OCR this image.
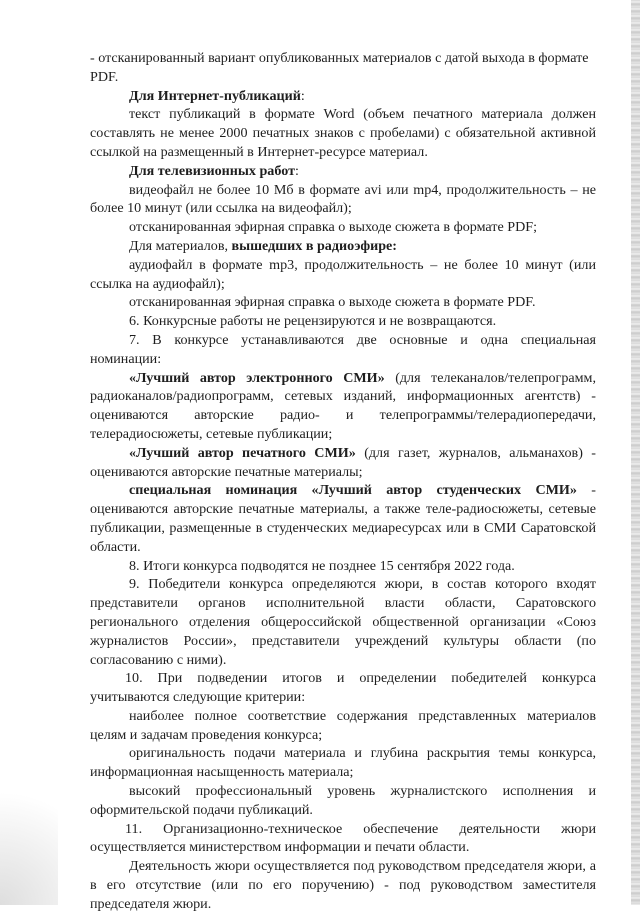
- отсканированный вариант опубликованных материалов с датой выхода в формате PDF.

Для Интернет-публикаций:

текст публикаций в формате Word (объем печатного материала должен составлять не менее 2000 печатных знаков с пробелами) с обязательной активной ссылкой на размещенный в Интернет-ресурсе материал.

Для телевизионных работ:

видеофайл не более 10 Мб в формате avi или mp4, продолжительность – не более 10 минут (или ссылка на видеофайл);

отсканированная эфирная справка о выходе сюжета в формате PDF;

Для материалов, вышедших в радиоэфире:

аудиофайл в формате mp3, продолжительность – не более 10 минут (или ссылка на аудиофайл);

отсканированная эфирная справка о выходе сюжета в формате PDF.

6. Конкурсные работы не рецензируются и не возвращаются.

7. В конкурсе устанавливаются две основные и одна специальная номинации:

«Лучший автор электронного СМИ» (для телеканалов/телепрограмм, радиоканалов/радиопрограмм, сетевых изданий, информационных агентств) - оцениваются авторские радио- и телепрограммы/телерадиопередачи, телерадиосюжеты, сетевые публикации;

«Лучший автор печатного СМИ» (для газет, журналов, альманахов) - оцениваются авторские печатные материалы;

специальная номинация «Лучший автор студенческих СМИ» - оцениваются авторские печатные материалы, а также теле-радиосюжеты, сетевые публикации, размещенные в студенческих медиаресурсах или в СМИ Саратовской области.

8. Итоги конкурса подводятся не позднее 15 сентября 2022 года.

9. Победители конкурса определяются жюри, в состав которого входят представители органов исполнительной власти области, Саратовского регионального отделения общероссийской общественной организации «Союз журналистов России», представители учреждений культуры области (по согласованию с ними).

10. При подведении итогов и определении победителей конкурса учитываются следующие критерии:

наиболее полное соответствие содержания представленных материалов целям и задачам проведения конкурса;

оригинальность подачи материала и глубина раскрытия темы конкурса, информационная насыщенность материала;

высокий профессиональный уровень журналистского исполнения и оформительской подачи публикаций.

11. Организационно-техническое обеспечение деятельности жюри осуществляется министерством информации и печати области.

Деятельность жюри осуществляется под руководством председателя жюри, а в его отсутствие (или по его поручению) - под руководством заместителя председателя жюри.
